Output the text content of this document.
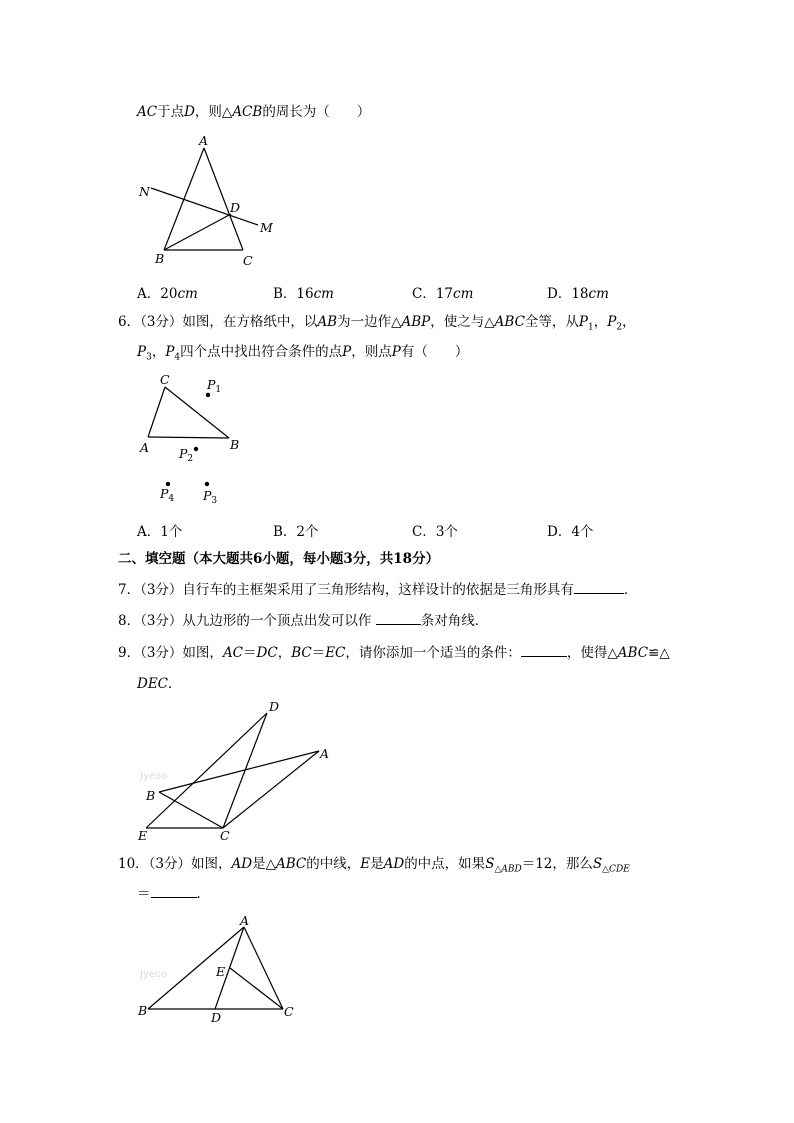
AC于点D，则△ACB的周长为（　　）
A
B	C
D
M
N
A．20cm	B．16cm	C．17cm	D．18cm
6．（3分）如图，在方格纸中，以AB为一边作△ABP，使之与△ABC全等，从$P_1$，$P_2$，
$P_3$，$P_4$四个点中找出符合条件的点P，则点P有（　　）
C
A	B
$P_1$
$P_2$
$P_3$
$P_4$
A．1个	B．2个	C．3个	D．4个
二、填空题（本大题共6小题，每小题3分，共18分）
7．（3分）自行车的主框架采用了三角形结构，这样设计的依据是三角形具有	．
8．（3分）从九边形的一个顶点出发可以作	条对角线．
9．（3分）如图，AC＝DC，BC＝EC，请你添加一个适当的条件：	，使得△ABC≌△
DEC．
Jyeoo
D
A
B
E	C
10．（3分）如图，AD是△ABC的中线，E是AD的中点，如果$S_{\triangle ABD}=12$，那么$S_{\triangle CDE}$
＝	．
Jyeoo
A
E
B	D	C
